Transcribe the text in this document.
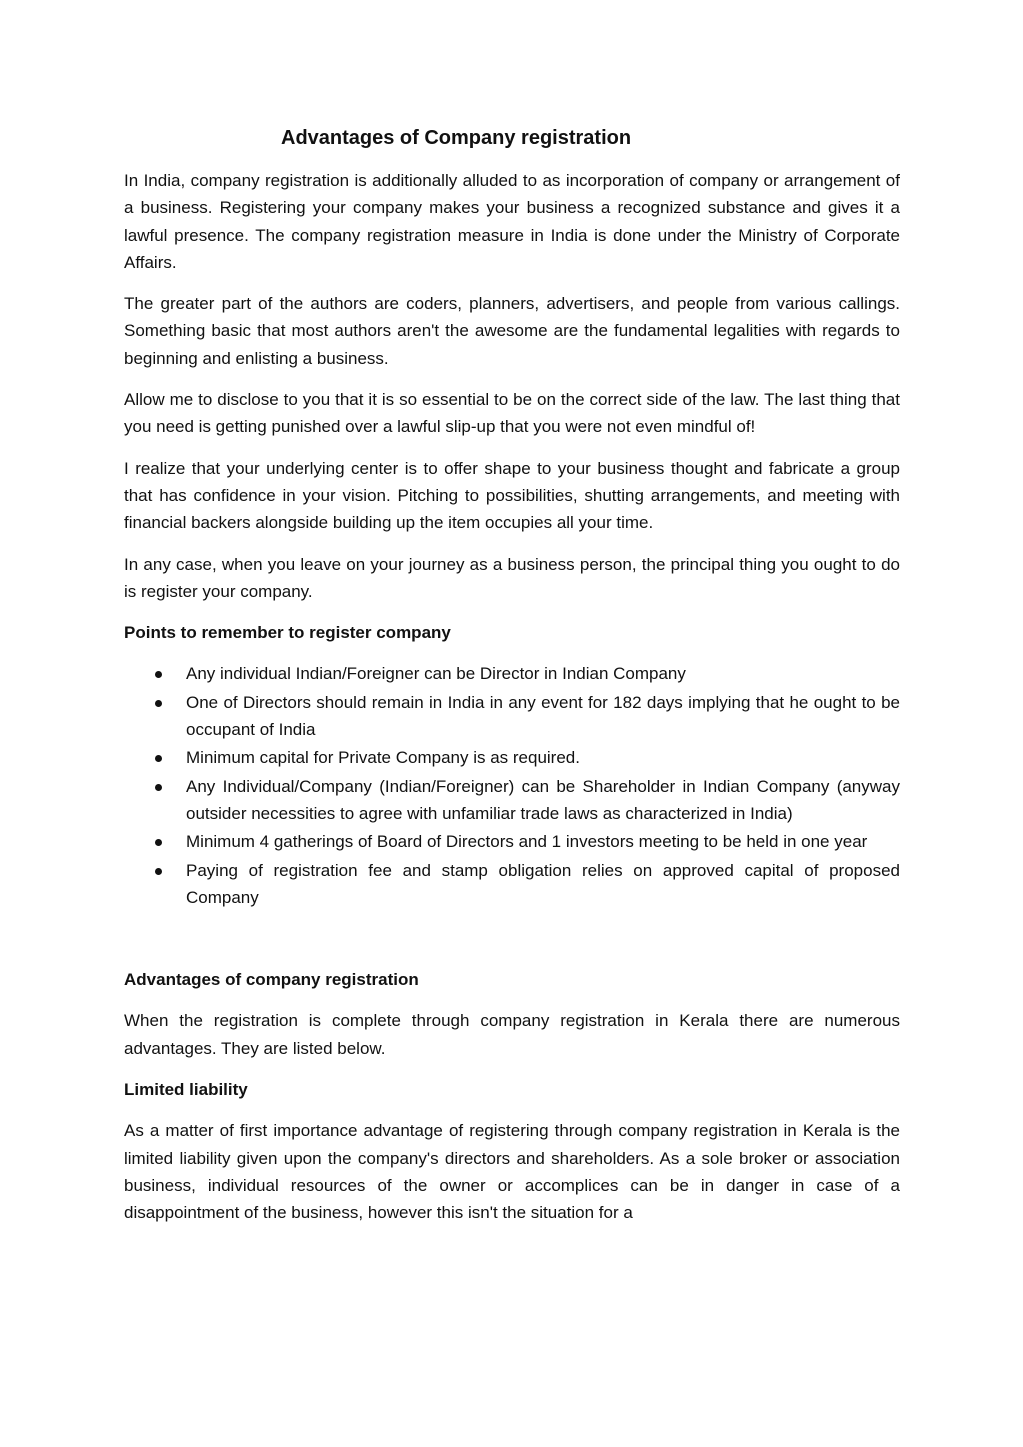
Advantages of Company registration

In India, company registration is additionally alluded to as incorporation of company or arrangement of a business. Registering your company makes your business a recognized substance and gives it a lawful presence. The company registration measure in India is done under the Ministry of Corporate Affairs.

The greater part of the authors are coders, planners, advertisers, and people from various callings. Something basic that most authors aren't the awesome are the fundamental legalities with regards to beginning and enlisting a business.

Allow me to disclose to you that it is so essential to be on the correct side of the law. The last thing that you need is getting punished over a lawful slip-up that you were not even mindful of!

I realize that your underlying center is to offer shape to your business thought and fabricate a group that has confidence in your vision. Pitching to possibilities, shutting arrangements, and meeting with financial backers alongside building up the item occupies all your time.

In any case, when you leave on your journey as a business person, the principal thing you ought to do is register your company.

Points to remember to register company
Any individual Indian/Foreigner can be Director in Indian Company
One of Directors should remain in India in any event for 182 days implying that he ought to be occupant of India
Minimum capital for Private Company is as required.
Any Individual/Company (Indian/Foreigner) can be Shareholder in Indian Company (anyway outsider necessities to agree with unfamiliar trade laws as characterized in India)
Minimum 4 gatherings of Board of Directors and 1 investors meeting to be held in one year
Paying of registration fee and stamp obligation relies on approved capital of proposed Company
Advantages of company registration

When the registration is complete through company registration in Kerala there are numerous advantages. They are listed below.

Limited liability

As a matter of first importance advantage of registering through company registration in Kerala is the limited liability given upon the company's directors and shareholders. As a sole broker or association business, individual resources of the owner or accomplices can be in danger in case of a disappointment of the business, however this isn't the situation for a
